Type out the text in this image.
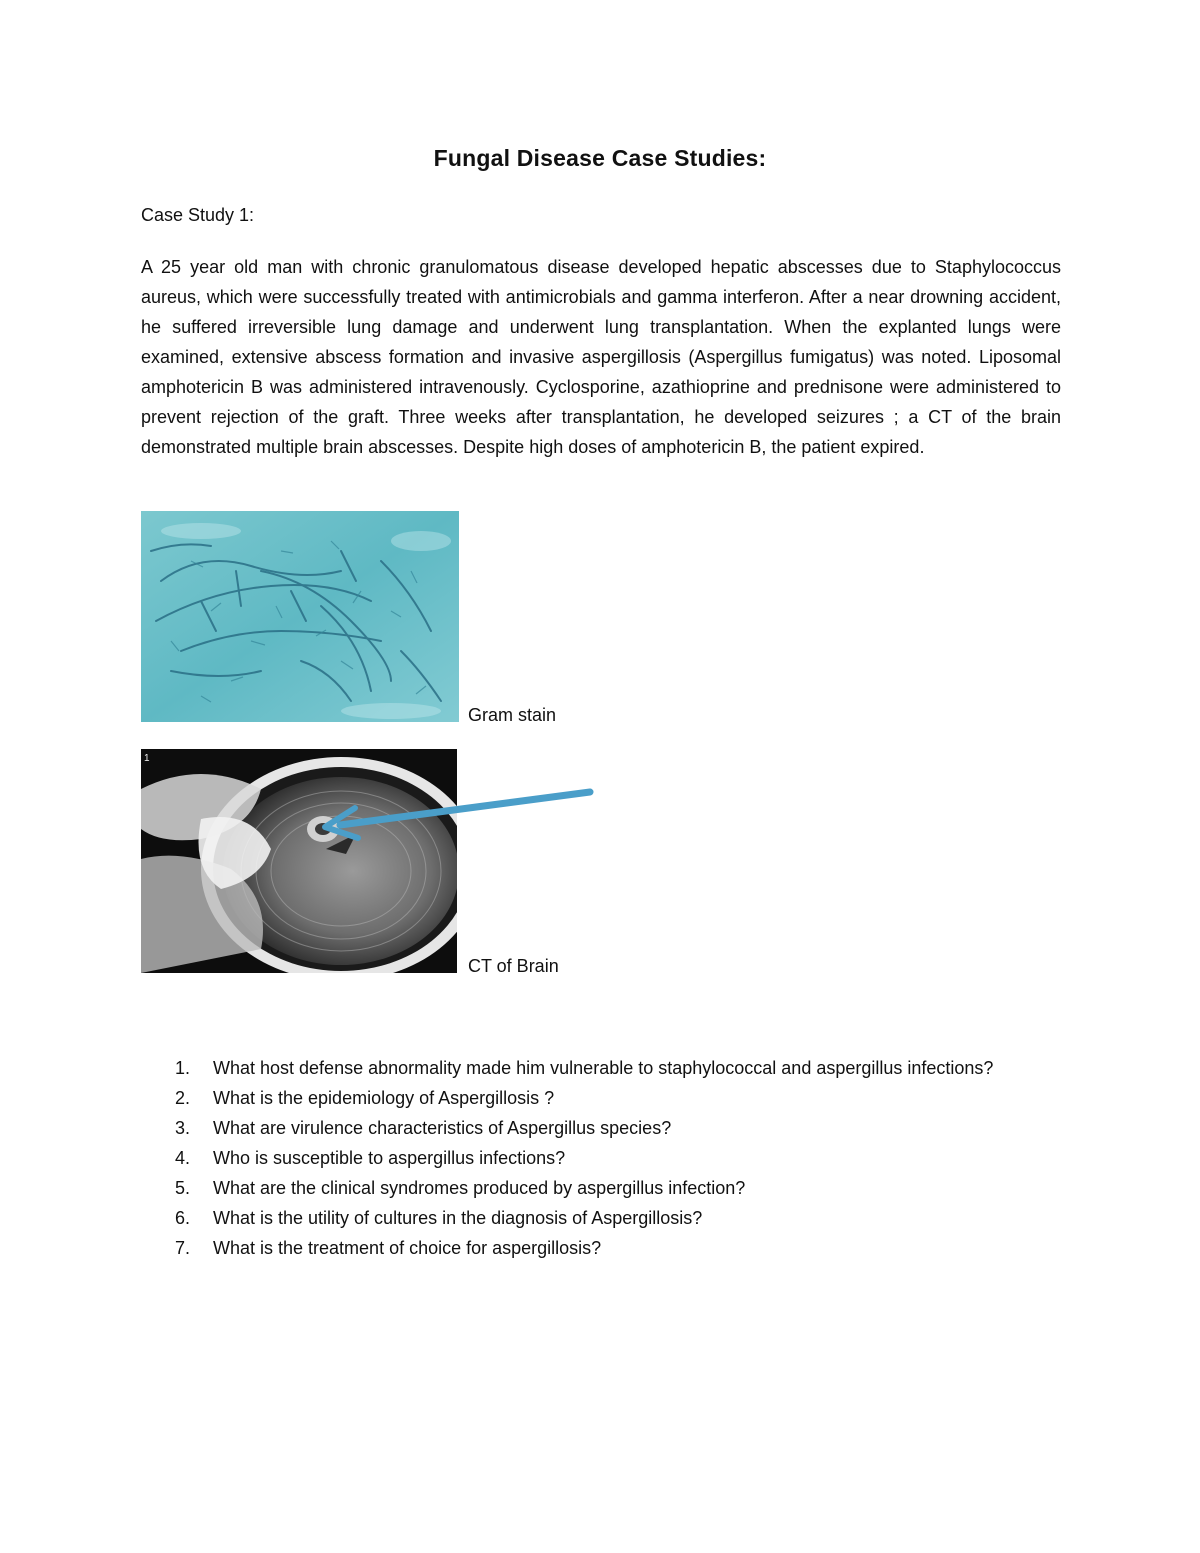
Fungal Disease Case Studies:
Case Study 1:

A 25 year old man with chronic granulomatous disease developed hepatic abscesses due to Staphylococcus aureus, which were successfully treated with antimicrobials and gamma interferon. After a near drowning accident, he suffered irreversible lung damage and underwent lung transplantation. When the explanted lungs were examined, extensive abscess formation and invasive aspergillosis (Aspergillus fumigatus) was noted. Liposomal amphotericin B was administered intravenously. Cyclosporine, azathioprine and prednisone were administered to prevent rejection of the graft. Three weeks after transplantation, he developed seizures ; a CT of the brain demonstrated multiple brain abscesses. Despite high doses of amphotericin B, the patient expired.

Gram stain
1
CT of Brain
1. What host defense abnormality made him vulnerable to staphylococcal and aspergillus infections?
2. What is the epidemiology of Aspergillosis ?
3. What are virulence characteristics of Aspergillus species?
4. Who is susceptible to aspergillus infections?
5. What are the clinical syndromes produced by aspergillus infection?
6. What is the utility of cultures in the diagnosis of Aspergillosis?
7. What is the treatment of choice for aspergillosis?
